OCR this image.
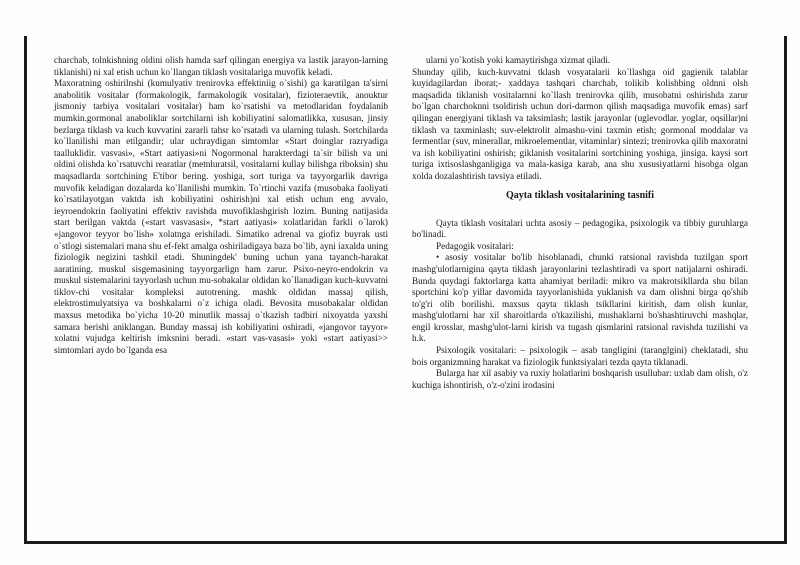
charchab, tolnkishning oldini olish hamda sarf qilingan energiya va lastik jarayon-larning tiklanishi) ni xal etish uchun ko`llangan tiklash vositalariga muvofik keladi.

Maxoratning oshirilnshi (kumulyativ trenirovka effektiniig o`sishi) ga karatilgan ta'sirni anabolitik vositalar (formakologik, farmakologik vositalar), fizioteraevtik, anouktur jismoniy tarbiya vositalari vositalar) ham ko`rsatishi va metodlaridan foydalanib mumkin.gormonal anaboliklar sortchilarni ish kobiliyatini salomatlikka, xususan, jinsiy bezlarga tiklash va kuch kuvvatini zararli tahsr ko`rsatadi va ularning tulash. Sortchilarda ko`llanilishi man etilgandir; ular uchraydigan simtomlar «Start doinglar razryadiga taalluklidir. vasvasi», «Start aatiyasi»ni Nogormonal harakterdagi ta`sir bilish va uni oldini olishda ko`rsatuvchi rearatlar (metnluratsil, vositalarni kullay bilishga riboksin) shu maqsadlarda sortchining E'tibor bering. yoshiga, sort turiga va tayyorgarlik davriga muvofik keladigan dozalarda ko`llanilishi mumkin. To`rtinchi vazifa (musobaka faoliyati ko`rsatilayotgan vaktda ish kobiliyatini oshirish)ni xal etish uchun eng avvalo, ieyroendokrin faoliyatini effektiv ravishda muvofiklashgirish lozim. Buning natijasida start berilgan vaktda («start vasvasasi», *start aatiyasi» xolatlaridan farkli o`larok) «jangovor teyyor bo`lish» xolatnga erishiladi. Simatiko adrenal va giofiz buyrak usti o`stlogi sistemalari mana shu ef-fekt amalga oshiriladigaya baza bo`lib, ayni iaxalda uning fiziologik negizini tashkil etadi. Shuningdek' buning uchun yana tayanch-harakat aaratining. muskul sisgemasining tayyorgarlign ham zarur. Psixo-neyro-endokrin va muskul sistemalarini tayyorlash uchun mu-sobakalar oldidan ko`llanadigan kuch-kuvvatni tiklov-chi vositalar kompleksi autotrening. mashk oldidan massaj qilish, elektrostimulyatsiya va boshkalarni o`z ichiga oladi. Bevosita musobakalar oldidan maxsus metodika bo`yicha 10-20 minutlik massaj o`tkazish tadbiri nixoyatda yaxshi samara berishi aniklangan. Bunday massaj ish kobiliyatini oshiradi, «jangovor tayyor» xolatni vujudga keltirish imksnini beradi. «start vas-vasasi» yoki «start aatiyasi>> simtomlari aydo bo`lganda esa

ularni yo`kotish yoki kamaytirishga xizmat qiladi.

Shunday qilib, kuch-kuvvatni tklash vosyatalarii ko`llashga oid gagienik talablar kuyidagilardan iborat;- xaddaya tashqari charchab, tolikib kolishbing oldnni olsh maqsadida tiklanish vositalarnni ko`llash trenirovka qilib, musobatni oshirishda zarur bo`lgan charchoknni tsoldirish uchun dori-darmon qilish maqsadiga muvofik emas) sarf qilingan energiyani tiklash va taksimlash; lastik jarayonlar (uglevodlar. yoglar, oqsillar)ni tiklash va taxminlash; suv-elektrolit almashu-vini taxmin etish; gormonal moddalar va fermentlar (suv, minerallar, mikroelementlar, vitaminlar) sintezi; trenirovka qilib maxoratni va ish kobiliyatini oshirish; giklanish vositalarini sortchining yoshiga, jinsiga. kaysi sort turiga ixtisoslashganligiga va mala-kasiga karab, ana shu xususiyatlarni hisobga olgan xolda dozalashtirish tavsiya etiladi.

Qayta tiklash vositalarining tasnifi

Qayta tiklash vositalari uchta asosiy – pedagogika, psixologik va tibbiy guruhlarga bo'linadi.

Pedagogik vositalari:

• asosiy vositalar bo'lib hisoblanadi, chunki ratsional ravishda tuzilgan sport mashg'ulotlarnigina qayta tiklash jarayonlarini tezlashtiradi va sport natijalarni oshiradi. Bunda quydagi faktorlarga katta ahamiyat beriladi: mikro va makrotsikllarda shu bilan sportchini ko'p yillar davomida tayyorlanishida yuklanish va dam olishni birga qo'shib to'g'ri olib borilishi. maxsus qayta tiklash tsikllarini kiritish, dam olish kunlar, mashg'ulotlarni har xil sharoitlarda o'tkazilishi, mushaklarni bo'shashtiruvchi mashqlar, engil krosslar, mashg'ulot-larni kirish va tugash qismlarini ratsional ravishda tuzilishi va h.k.

Psixologik vositalari: – psixologik – asab tangligini (taranglgini) cheklatadi, shu bois organizmning harakat va fiziologik funktsiyalari tezda qayta tiklanadi.

Bularga har xil asabiy va ruxiy holatlarini boshqarish usullubar: uxlab dam olish, o'z kuchiga ishontirish, o'z-o'zini irodasini
